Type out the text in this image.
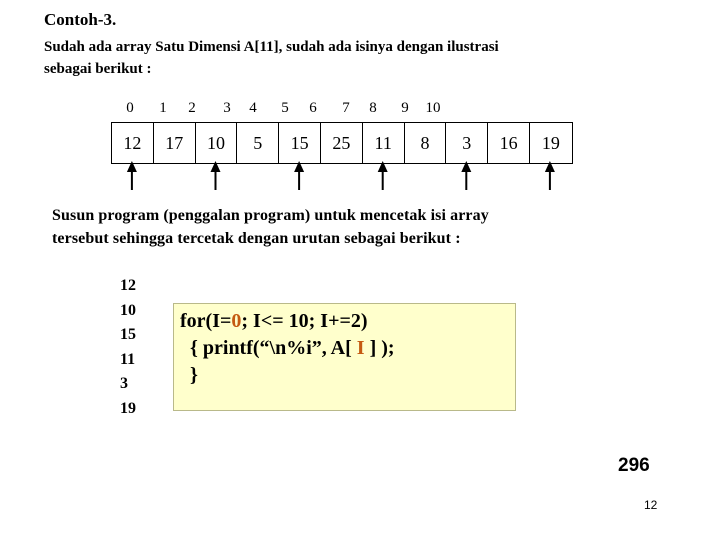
Contoh-3.
Sudah ada array Satu Dimensi A[11], sudah ada isinya dengan ilustrasi
sebagai berikut :
0	1	2	3	4	5	6	7	8	9	10
12	17	10	5	15	25	11	8	3	16	19
Susun program (penggalan program) untuk mencetak isi array
tersebut sehingga tercetak dengan urutan sebagai berikut :
12
10
15
11
3
19
for(I=0; I<= 10; I+=2)
{ printf(“\n%i”, A[ I ] );
}
296
12
